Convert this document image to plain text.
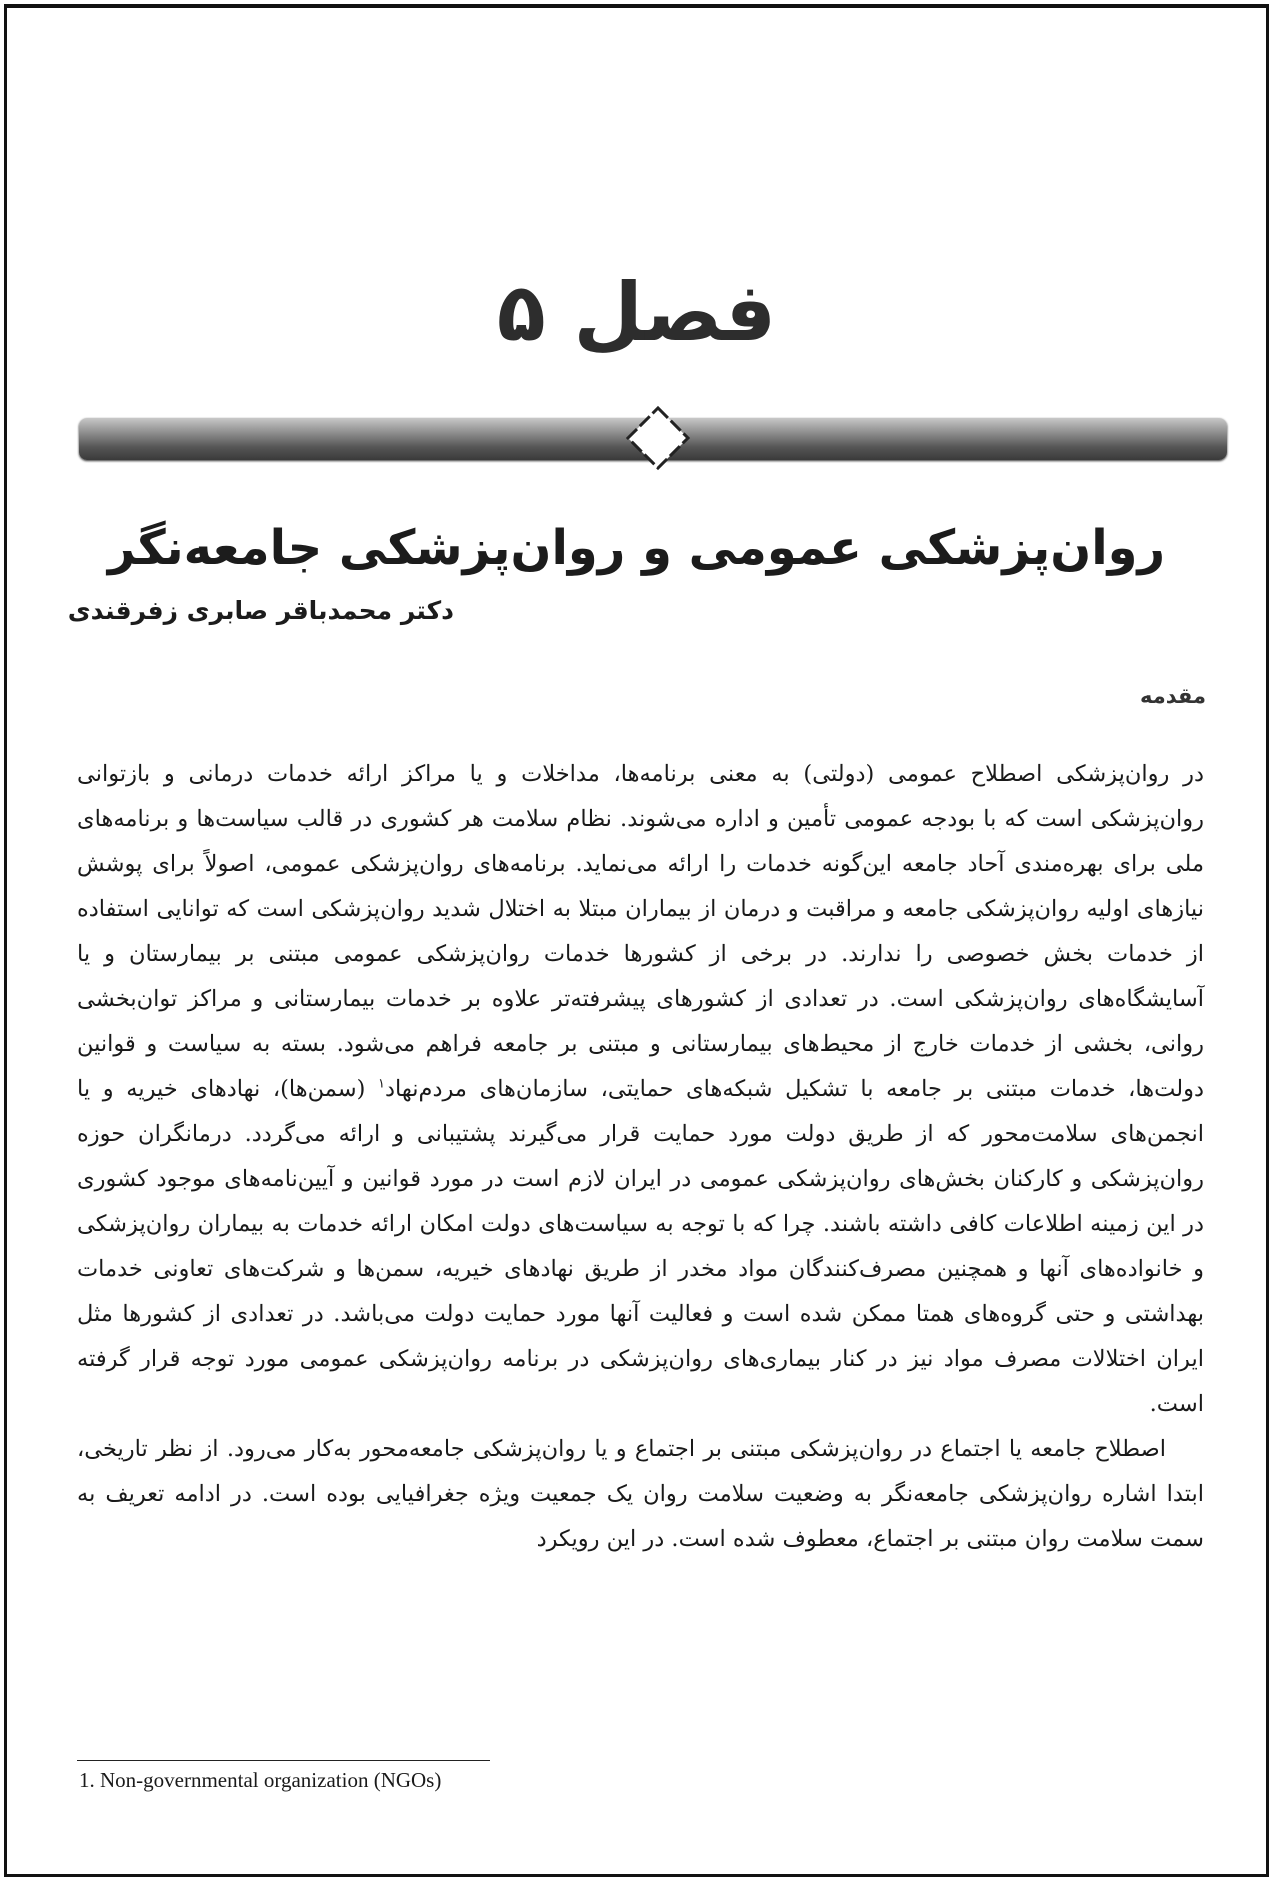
فصل ۵
روان‌پزشکی عمومی و روان‌پزشکی جامعه‌نگر
دکتر محمدباقر صابری زفرقندی
مقدمه

در روان‌پزشکی اصطلاح عمومی (دولتی) به معنی برنامه‌ها، مداخلات و یا مراکز ارائه خدمات درمانی و بازتوانی روان‌پزشکی است که با بودجه عمومی تأمین و اداره می‌شوند. نظام سلامت هر کشوری در قالب سیاست‌ها و برنامه‌های ملی برای بهره‌مندی آحاد جامعه این‌گونه خدمات را ارائه می‌نماید. برنامه‌های روان‌پزشکی عمومی، اصولاً برای پوشش نیازهای اولیه روان‌پزشکی جامعه و مراقبت و درمان از بیماران مبتلا به اختلال شدید روان‌پزشکی است که توانایی استفاده از خدمات بخش خصوصی را ندارند. در برخی از کشورها خدمات روان‌پزشکی عمومی مبتنی بر بیمارستان و یا آسایشگاه‌های روان‌پزشکی است. در تعدادی از کشورهای پیشرفته‌تر علاوه بر خدمات بیمارستانی و مراکز توان‌بخشی روانی، بخشی از خدمات خارج از محیط‌های بیمارستانی و مبتنی بر جامعه فراهم می‌شود. بسته به سیاست و قوانین دولت‌ها، خدمات مبتنی بر جامعه با تشکیل شبکه‌های حمایتی، سازمان‌های مردم‌نهاد$^۱$ (سمن‌ها)، نهادهای خیریه و یا انجمن‌های سلامت‌محور که از طریق دولت مورد حمایت قرار می‌گیرند پشتیبانی و ارائه می‌گردد. درمانگران حوزه روان‌پزشکی و کارکنان بخش‌های روان‌پزشکی عمومی در ایران لازم است در مورد قوانین و آیین‌نامه‌های موجود کشوری در این زمینه اطلاعات کافی داشته باشند. چرا که با توجه به سیاست‌های دولت امکان ارائه خدمات به بیماران روان‌پزشکی و خانواده‌های آنها و همچنین مصرف‌کنندگان مواد مخدر از طریق نهادهای خیریه، سمن‌ها و شرکت‌های تعاونی خدمات بهداشتی و حتی گروه‌های همتا ممکن شده است و فعالیت آنها مورد حمایت دولت می‌باشد. در تعدادی از کشورها مثل ایران اختلالات مصرف مواد نیز در کنار بیماری‌های روان‌پزشکی در برنامه روان‌پزشکی عمومی مورد توجه قرار گرفته است.

اصطلاح جامعه یا اجتماع در روان‌پزشکی مبتنی بر اجتماع و یا روان‌پزشکی جامعه‌محور به‌کار می‌رود. از نظر تاریخی، ابتدا اشاره روان‌پزشکی جامعه‌نگر به وضعیت سلامت روان یک جمعیت ویژه جغرافیایی بوده است. در ادامه تعریف به سمت سلامت روان مبتنی بر اجتماع، معطوف شده است. در این رویکرد

1. Non-governmental organization (NGOs)
